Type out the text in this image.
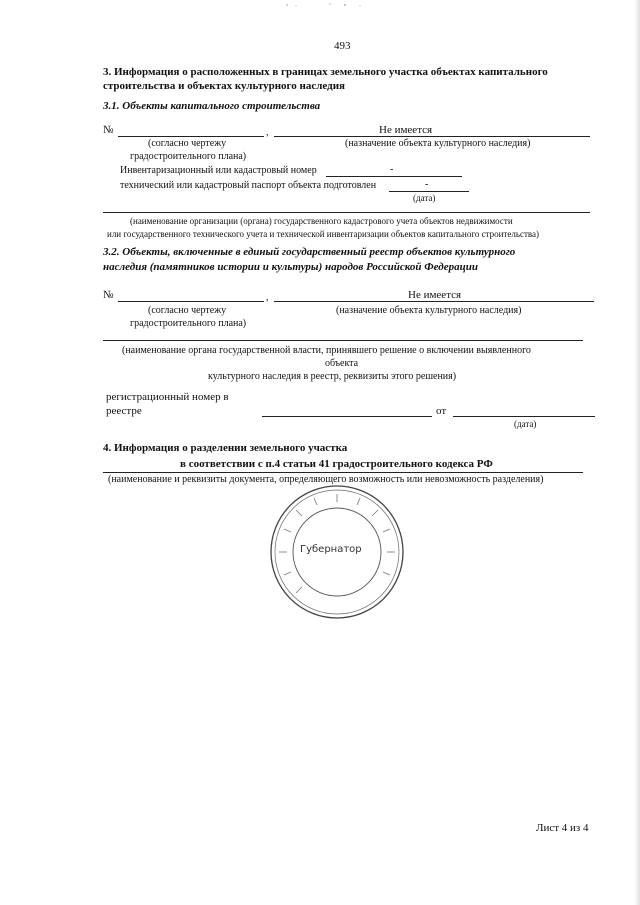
493
3. Информация о расположенных в границах земельного участка объектах капитального
строительства и объектах культурного наследия
3.1. Объекты капитального строительства
№	,	Не имеется
(согласно чертежу	(назначение объекта культурного наследия)
градостроительного плана)
Инвентаризационный или кадастровый номер	-
технический или кадастровый паспорт объекта подготовлен	-
(дата)
(наименование организации (органа) государственного кадастрового учета объектов недвижимости
или государственного технического учета и технической инвентаризации объектов капитального строительства)
3.2. Объекты, включенные в единый государственный реестр объектов культурного
наследия (памятников истории и культуры) народов Российской Федерации
№	,	Не имеется
(согласно чертежу	(назначение объекта культурного наследия)
градостроительного плана)
(наименование органа государственной власти, принявшего решение о включении выявленного
объекта
культурного наследия в реестр, реквизиты этого решения)
регистрационный номер в
реестре	от
(дата)
4. Информация о разделении земельного участка
в соответствии с п.4 статьи 41 градостроительного кодекса РФ
(наименование и реквизиты документа, определяющего возможность или невозможность разделения)
Губернатор
Лист 4 из 4
